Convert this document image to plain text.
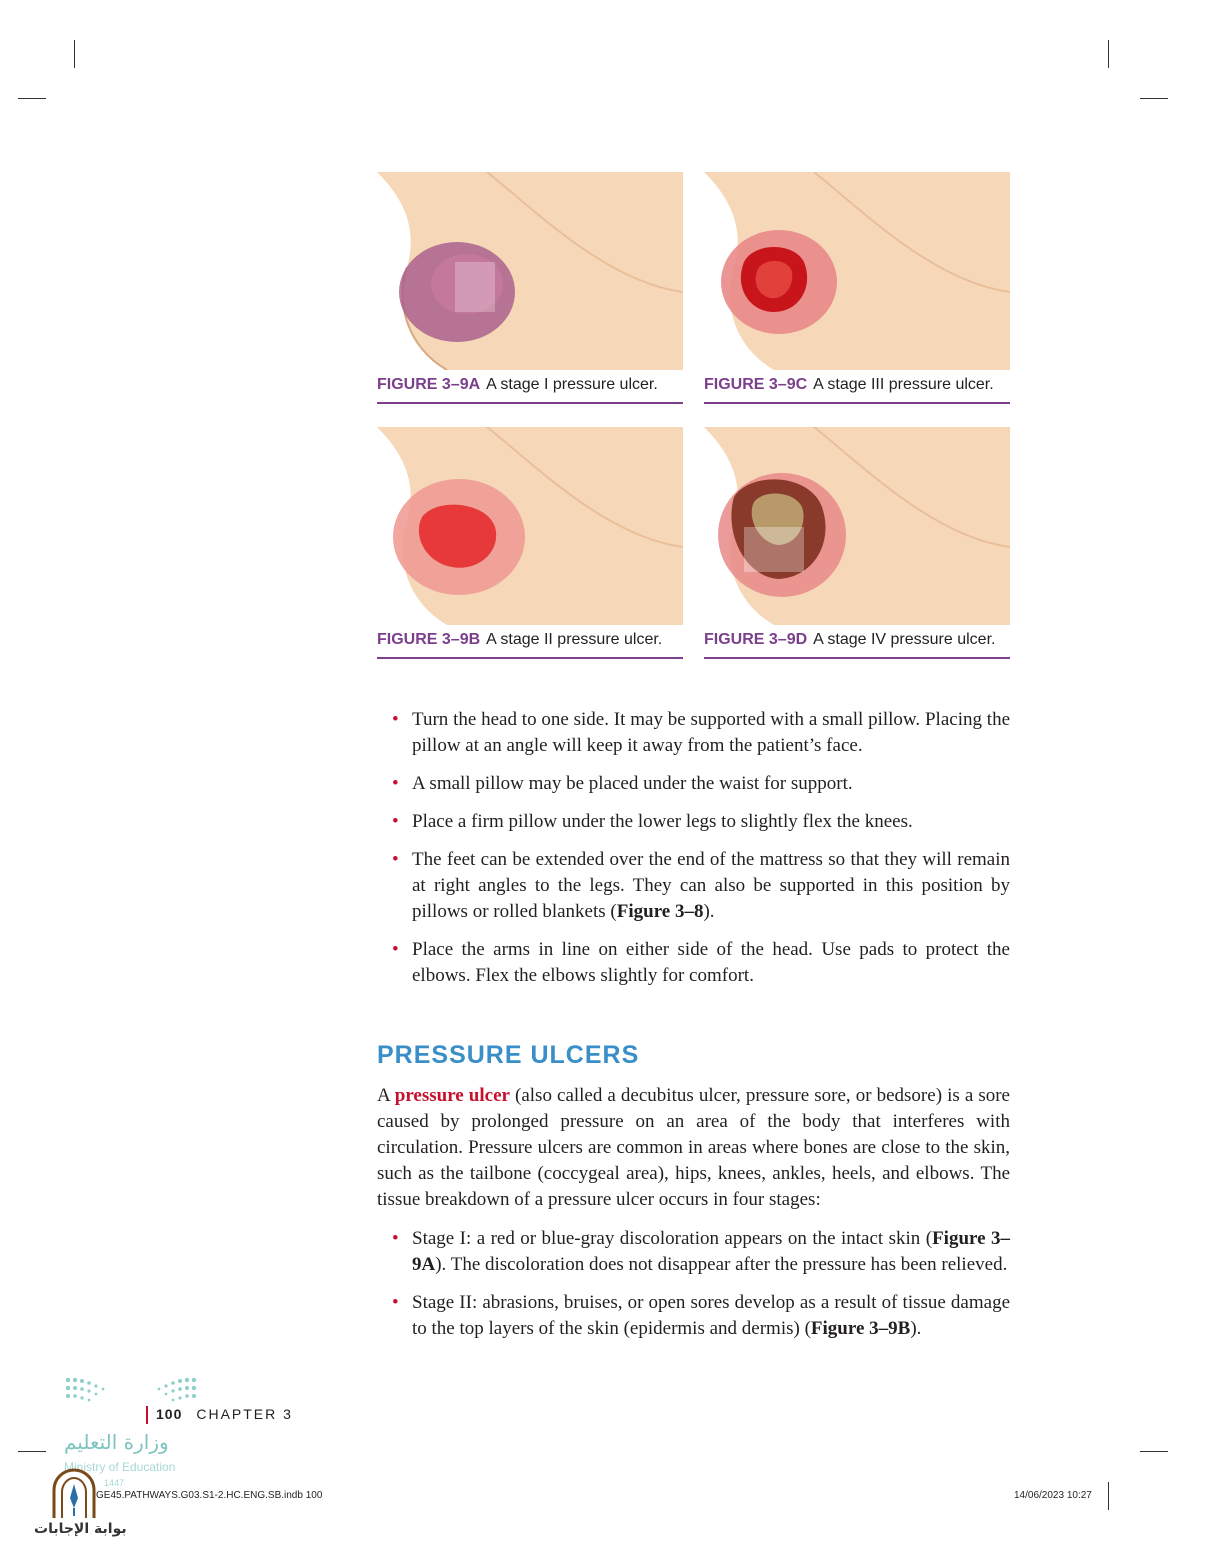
FIGURE 3–9A A stage I pressure ulcer.	FIGURE 3–9C A stage III pressure ulcer.
FIGURE 3–9B A stage II pressure ulcer.	FIGURE 3–9D A stage IV pressure ulcer.
• Turn the head to one side. It may be supported with a small pillow. Placing the pillow at an angle will keep it away from the patient’s face.
• A small pillow may be placed under the waist for support.
• Place a firm pillow under the lower legs to slightly flex the knees.
• The feet can be extended over the end of the mattress so that they will remain at right angles to the legs. They can also be supported in this position by pillows or rolled blankets (Figure 3–8).
• Place the arms in line on either side of the head. Use pads to protect the elbows. Flex the elbows slightly for comfort.
PRESSURE ULCERS

A pressure ulcer (also called a decubitus ulcer, pressure sore, or bedsore) is a sore caused by prolonged pressure on an area of the body that interferes with circulation. Pressure ulcers are common in areas where bones are close to the skin, such as the tailbone (coccygeal area), hips, knees, ankles, heels, and elbows. The tissue breakdown of a pressure ulcer occurs in four stages:

• Stage I: a red or blue-gray discoloration appears on the intact skin (Figure 3–9A). The discoloration does not disappear after the pressure has been relieved.
• Stage II: abrasions, bruises, or open sores develop as a result of tissue damage to the top layers of the skin (epidermis and dermis) (Figure 3–9B).
100 CHAPTER 3
وزارة التعليم
Ministry of Education
1447
GE45.PATHWAYS.G03.S1-2.HC.ENG.SB.indb 100	14/06/2023 10:27
بوابة الإجابات
